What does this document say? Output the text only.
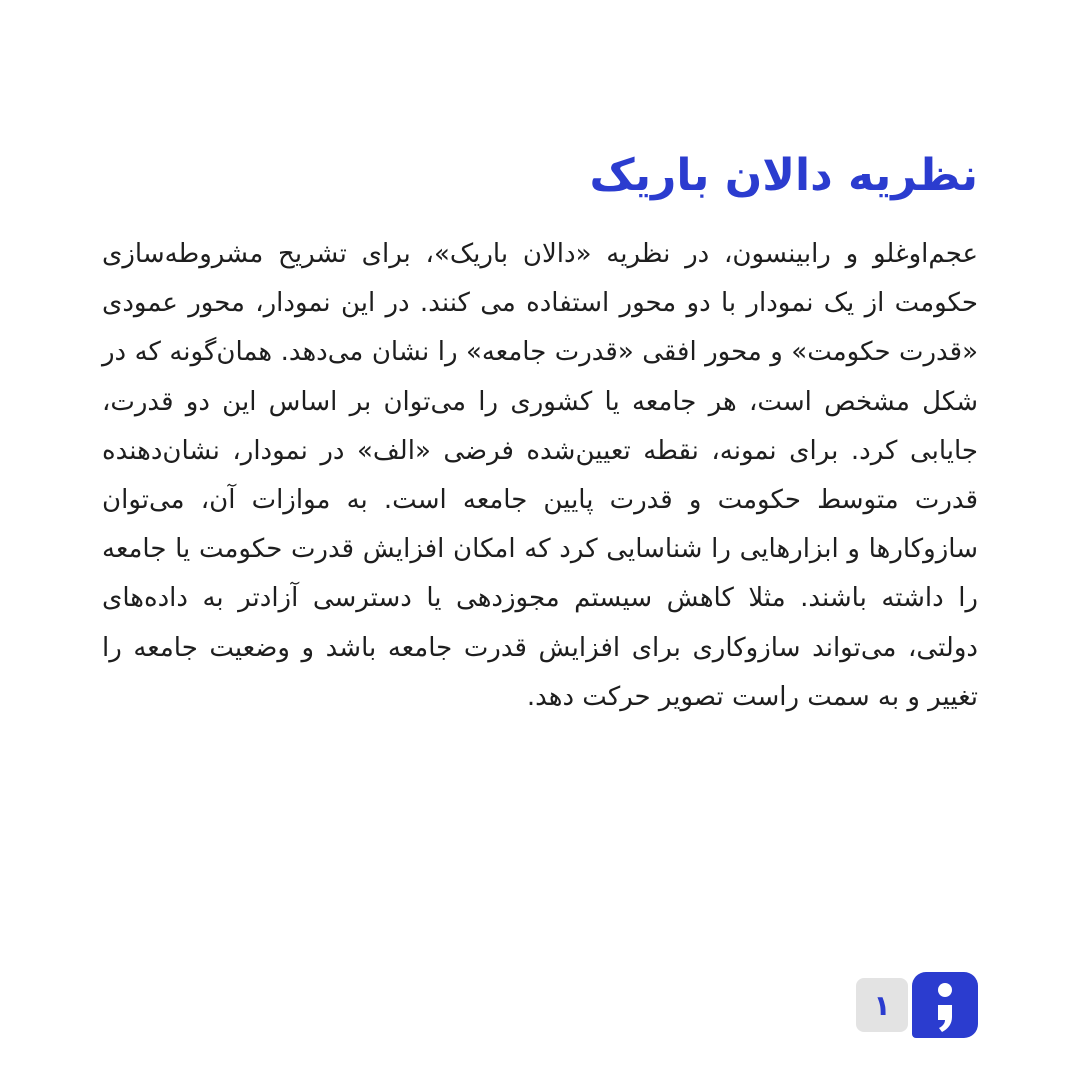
نظریه دالان باریک

عجم‌اوغلو و رابینسون، در نظریه «دالان باریک»، برای تشریح مشروطه‌سازی حکومت از یک نمودار با دو محور استفاده می کنند. در این نمودار، محور عمودی «قدرت حکومت» و محور افقی «قدرت جامعه» را نشان می‌دهد. همان‌گونه که در شکل مشخص است، هر جامعه یا کشوری را می‌توان بر اساس این دو قدرت، جایابی کرد. برای نمونه، نقطه تعیین‌شده فرضی «الف» در نمودار، نشان‌دهنده قدرت متوسط حکومت و قدرت پایین جامعه است. به موازات آن، می‌توان سازوکارها و ابزارهایی را شناسایی کرد که امکان افزایش قدرت حکومت یا جامعه را داشته باشند. مثلا کاهش سیستم مجوزدهی یا دسترسی آزادتر به داده‌های دولتی، می‌تواند سازوکاری برای افزایش قدرت جامعه باشد و وضعیت جامعه را تغییر و به سمت راست تصویر حرکت دهد.

۱
